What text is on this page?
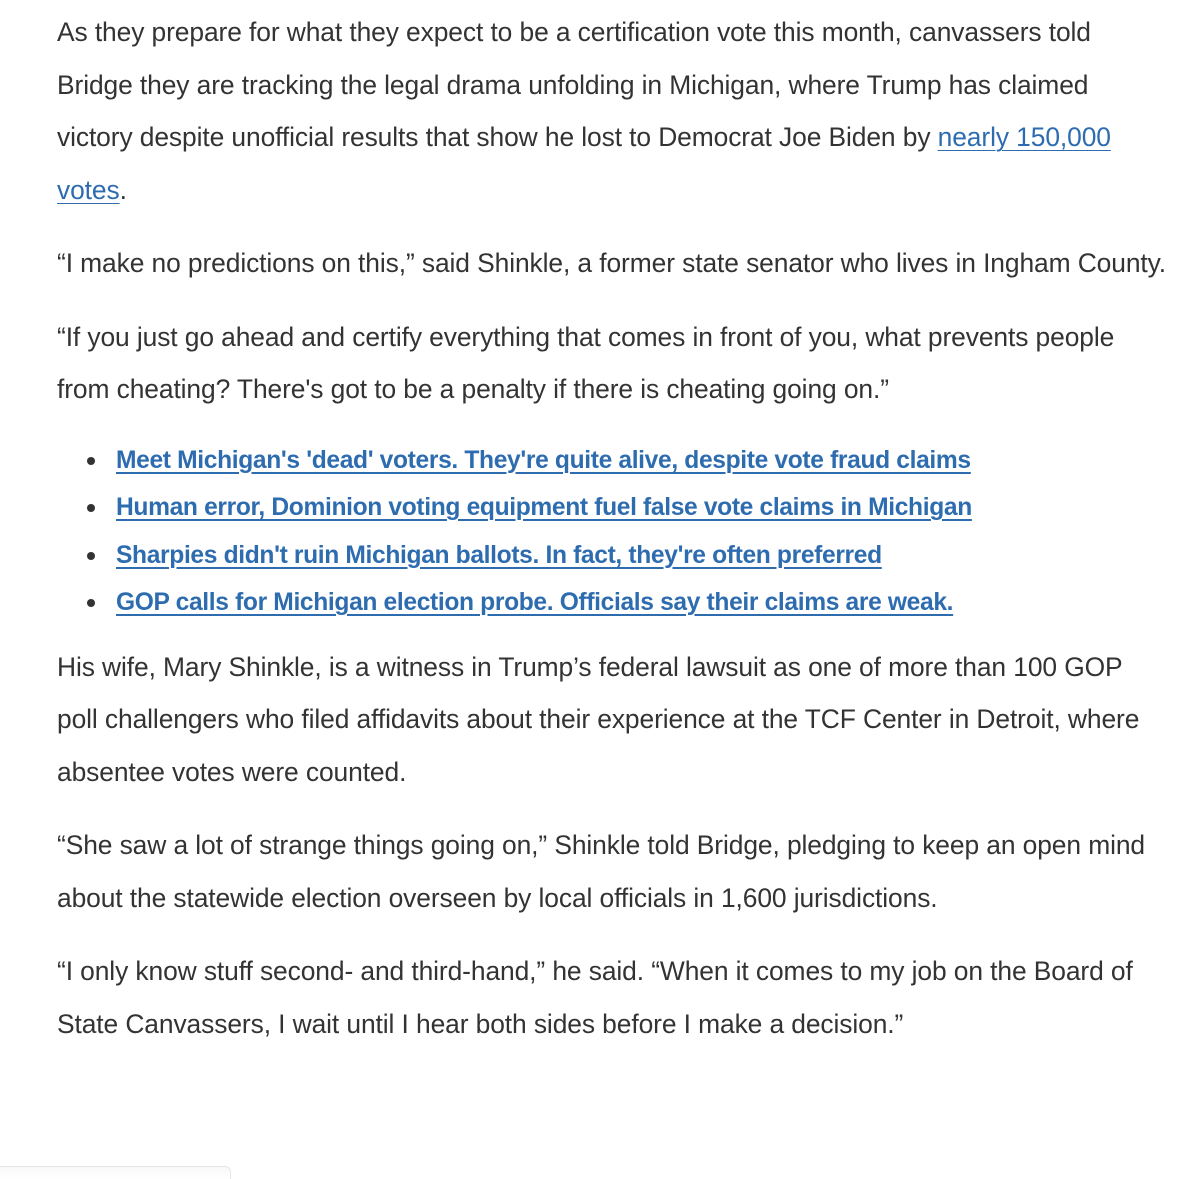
As they prepare for what they expect to be a certification vote this month, canvassers told Bridge they are tracking the legal drama unfolding in Michigan, where Trump has claimed victory despite unofficial results that show he lost to Democrat Joe Biden by nearly 150,000 votes.

“I make no predictions on this,” said Shinkle, a former state senator who lives in Ingham County.

“If you just go ahead and certify everything that comes in front of you, what prevents people from cheating? There's got to be a penalty if there is cheating going on.”

Meet Michigan's 'dead' voters. They're quite alive, despite vote fraud claims
Human error, Dominion voting equipment fuel false vote claims in Michigan
Sharpies didn't ruin Michigan ballots. In fact, they're often preferred
GOP calls for Michigan election probe. Officials say their claims are weak.

His wife, Mary Shinkle, is a witness in Trump’s federal lawsuit as one of more than 100 GOP poll challengers who filed affidavits about their experience at the TCF Center in Detroit, where absentee votes were counted.

“She saw a lot of strange things going on,” Shinkle told Bridge, pledging to keep an open mind about the statewide election overseen by local officials in 1,600 jurisdictions.

“I only know stuff second- and third-hand,” he said. “When it comes to my job on the Board of State Canvassers, I wait until I hear both sides before I make a decision.”
